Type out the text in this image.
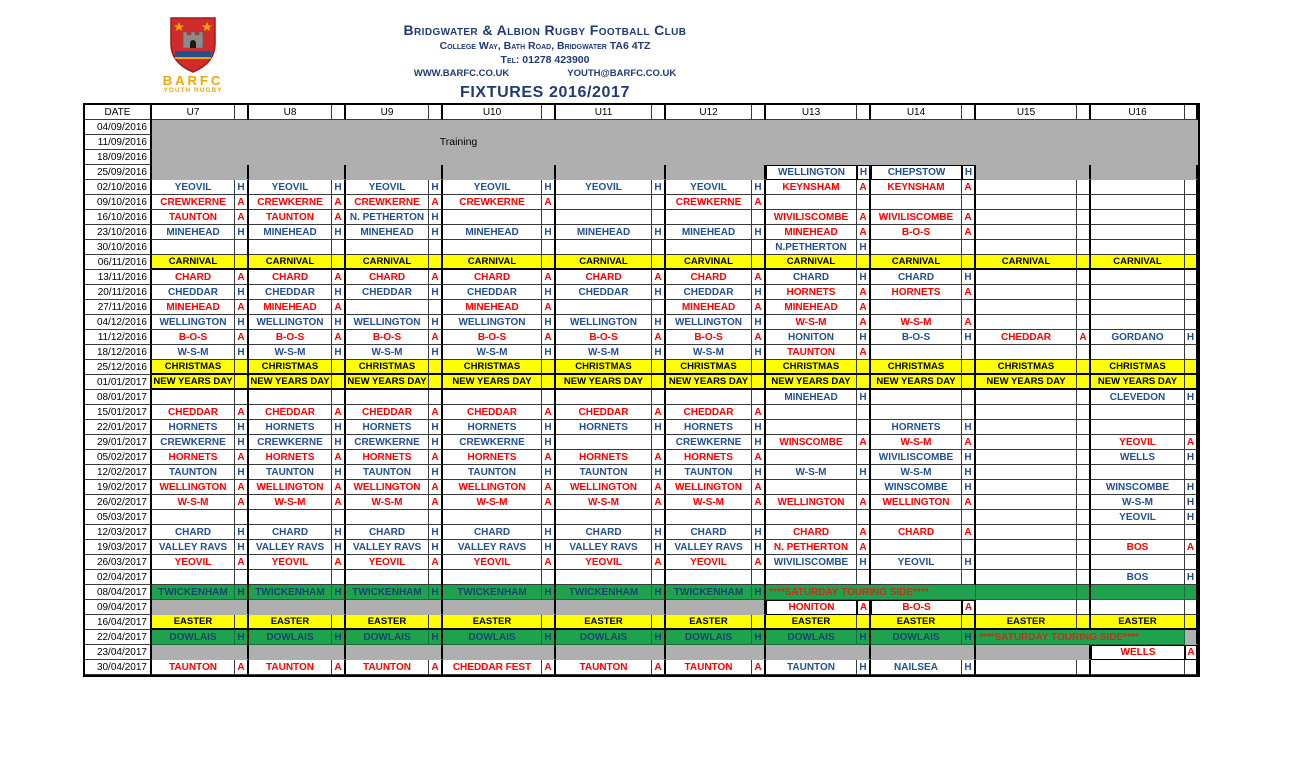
BARFC
YOUTH RUGBY
Bridgwater & Albion Rugby Football Club
College Way, Bath Road, Bridgwater TA6 4TZ
Tel: 01278 423900
WWW.BARFC.CO.UK	YOUTH@BARFC.CO.UK
FIXTURES 2016/2017
DATE	U7		U8		U9		U10		U11		U12		U13		U14		U15		U16	
04/09/2016	Training																			
11/09/2016																				
18/09/2016																				
25/09/2016													WELLINGTON	H	CHEPSTOW	H				
02/10/2016	YEOVIL	H	YEOVIL	H	YEOVIL	H	YEOVIL	H	YEOVIL	H	YEOVIL	H	KEYNSHAM	A	KEYNSHAM	A				
09/10/2016	CREWKERNE	A	CREWKERNE	A	CREWKERNE	A	CREWKERNE	A			CREWKERNE	A								
16/10/2016	TAUNTON	A	TAUNTON	A	N. PETHERTON	H							WIVILISCOMBE	A	WIVILISCOMBE	A				
23/10/2016	MINEHEAD	H	MINEHEAD	H	MINEHEAD	H	MINEHEAD	H	MINEHEAD	H	MINEHEAD	H	MINEHEAD	A	B-O-S	A				
30/10/2016													N.PETHERTON	H						
06/11/2016	CARNIVAL		CARNIVAL		CARNIVAL		CARNIVAL		CARNIVAL		CARVINAL		CARNIVAL		CARNIVAL		CARNIVAL		CARNIVAL	
13/11/2016	CHARD	A	CHARD	A	CHARD	A	CHARD	A	CHARD	A	CHARD	A	CHARD	H	CHARD	H				
20/11/2016	CHEDDAR	H	CHEDDAR	H	CHEDDAR	H	CHEDDAR	H	CHEDDAR	H	CHEDDAR	H	HORNETS	A	HORNETS	A				
27/11/2016	MINEHEAD	A	MINEHEAD	A			MINEHEAD	A			MINEHEAD	A	MINEHEAD	A						
04/12/2016	WELLINGTON	H	WELLINGTON	H	WELLINGTON	H	WELLINGTON	H	WELLINGTON	H	WELLINGTON	H	W-S-M	A	W-S-M	A				
11/12/2016	B-O-S	A	B-O-S	A	B-O-S	A	B-O-S	A	B-O-S	A	B-O-S	A	HONITON	H	B-O-S	H	CHEDDAR	A	GORDANO	H
18/12/2016	W-S-M	H	W-S-M	H	W-S-M	H	W-S-M	H	W-S-M	H	W-S-M	H	TAUNTON	A						
25/12/2016	CHRISTMAS		CHRISTMAS		CHRISTMAS		CHRISTMAS		CHRISTMAS		CHRISTMAS		CHRISTMAS		CHRISTMAS		CHRISTMAS		CHRISTMAS	
01/01/2017	NEW YEARS DAY		NEW YEARS DAY		NEW YEARS DAY		NEW YEARS DAY		NEW YEARS DAY		NEW YEARS DAY		NEW YEARS DAY		NEW YEARS DAY		NEW YEARS DAY		NEW YEARS DAY	
08/01/2017													MINEHEAD	H					CLEVEDON	H
15/01/2017	CHEDDAR	A	CHEDDAR	A	CHEDDAR	A	CHEDDAR	A	CHEDDAR	A	CHEDDAR	A								
22/01/2017	HORNETS	H	HORNETS	H	HORNETS	H	HORNETS	H	HORNETS	H	HORNETS	H			HORNETS	H				
29/01/2017	CREWKERNE	H	CREWKERNE	H	CREWKERNE	H	CREWKERNE	H			CREWKERNE	H	WINSCOMBE	A	W-S-M	A			YEOVIL	A
05/02/2017	HORNETS	A	HORNETS	A	HORNETS	A	HORNETS	A	HORNETS	A	HORNETS	A			WIVILISCOMBE	H			WELLS	H
12/02/2017	TAUNTON	H	TAUNTON	H	TAUNTON	H	TAUNTON	H	TAUNTON	H	TAUNTON	H	W-S-M	H	W-S-M	H				
19/02/2017	WELLINGTON	A	WELLINGTON	A	WELLINGTON	A	WELLINGTON	A	WELLINGTON	A	WELLINGTON	A			WINSCOMBE	H			WINSCOMBE	H
26/02/2017	W-S-M	A	W-S-M	A	W-S-M	A	W-S-M	A	W-S-M	A	W-S-M	A	WELLINGTON	A	WELLINGTON	A			W-S-M	H
05/03/2017																			YEOVIL	H
12/03/2017	CHARD	H	CHARD	H	CHARD	H	CHARD	H	CHARD	H	CHARD	H	CHARD	A	CHARD	A				
19/03/2017	VALLEY RAVS	H	VALLEY RAVS	H	VALLEY RAVS	H	VALLEY RAVS	H	VALLEY RAVS	H	VALLEY RAVS	H	N. PETHERTON	A					BOS	A
26/03/2017	YEOVIL	A	YEOVIL	A	YEOVIL	A	YEOVIL	A	YEOVIL	A	YEOVIL	A	WIVILISCOMBE	H	YEOVIL	H				
02/04/2017																			BOS	H
08/04/2017	TWICKENHAM	H	TWICKENHAM	H	TWICKENHAM	H	TWICKENHAM	H	TWICKENHAM	H	TWICKENHAM	H	****SATURDAY TOURING SIDE****							
09/04/2017													HONITON	A	B-O-S	A				
16/04/2017	EASTER		EASTER		EASTER		EASTER		EASTER		EASTER		EASTER		EASTER		EASTER		EASTER	
22/04/2017	DOWLAIS	H	DOWLAIS	H	DOWLAIS	H	DOWLAIS	H	DOWLAIS	H	DOWLAIS	H	DOWLAIS	H	DOWLAIS	H	****SATURDAY TOURING SIDE****			
23/04/2017																			WELLS	A
30/04/2017	TAUNTON	A	TAUNTON	A	TAUNTON	A	CHEDDAR FEST	A	TAUNTON	A	TAUNTON	A	TAUNTON	H	NAILSEA	H				
